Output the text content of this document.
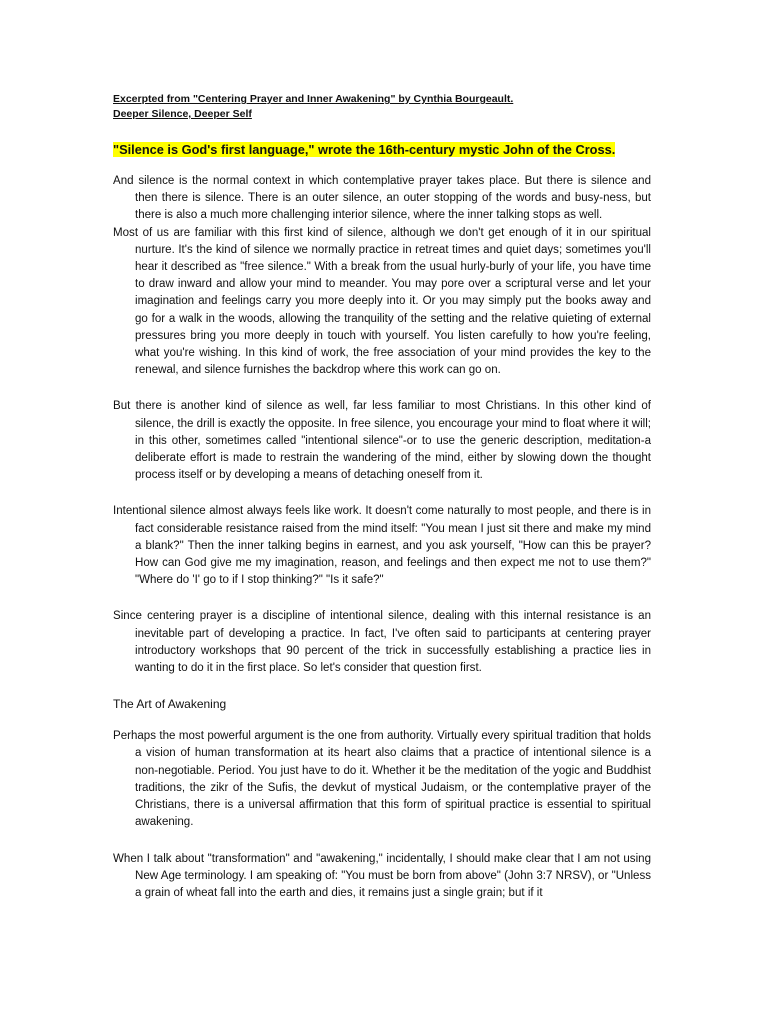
Excerpted from "Centering Prayer and Inner Awakening" by Cynthia Bourgeault.
Deeper Silence, Deeper Self
"Silence is God's first language," wrote the 16th-century mystic John of the Cross.

And silence is the normal context in which contemplative prayer takes place. But there is silence and then there is silence. There is an outer silence, an outer stopping of the words and busy-ness, but there is also a much more challenging interior silence, where the inner talking stops as well.

Most of us are familiar with this first kind of silence, although we don't get enough of it in our spiritual nurture. It's the kind of silence we normally practice in retreat times and quiet days; sometimes you'll hear it described as "free silence." With a break from the usual hurly-burly of your life, you have time to draw inward and allow your mind to meander. You may pore over a scriptural verse and let your imagination and feelings carry you more deeply into it. Or you may simply put the books away and go for a walk in the woods, allowing the tranquility of the setting and the relative quieting of external pressures bring you more deeply in touch with yourself. You listen carefully to how you're feeling, what you're wishing. In this kind of work, the free association of your mind provides the key to the renewal, and silence furnishes the backdrop where this work can go on.

But there is another kind of silence as well, far less familiar to most Christians. In this other kind of silence, the drill is exactly the opposite. In free silence, you encourage your mind to float where it will; in this other, sometimes called "intentional silence"-or to use the generic description, meditation-a deliberate effort is made to restrain the wandering of the mind, either by slowing down the thought process itself or by developing a means of detaching oneself from it.

Intentional silence almost always feels like work. It doesn't come naturally to most people, and there is in fact considerable resistance raised from the mind itself: "You mean I just sit there and make my mind a blank?" Then the inner talking begins in earnest, and you ask yourself, "How can this be prayer? How can God give me my imagination, reason, and feelings and then expect me not to use them?" "Where do 'I' go to if I stop thinking?" "Is it safe?"

Since centering prayer is a discipline of intentional silence, dealing with this internal resistance is an inevitable part of developing a practice. In fact, I've often said to participants at centering prayer introductory workshops that 90 percent of the trick in successfully establishing a practice lies in wanting to do it in the first place. So let's consider that question first.

The Art of Awakening

Perhaps the most powerful argument is the one from authority. Virtually every spiritual tradition that holds a vision of human transformation at its heart also claims that a practice of intentional silence is a non-negotiable. Period. You just have to do it. Whether it be the meditation of the yogic and Buddhist traditions, the zikr of the Sufis, the devkut of mystical Judaism, or the contemplative prayer of the Christians, there is a universal affirmation that this form of spiritual practice is essential to spiritual awakening.

When I talk about "transformation" and "awakening," incidentally, I should make clear that I am not using New Age terminology. I am speaking of: "You must be born from above" (John 3:7 NRSV), or "Unless a grain of wheat fall into the earth and dies, it remains just a single grain; but if it
